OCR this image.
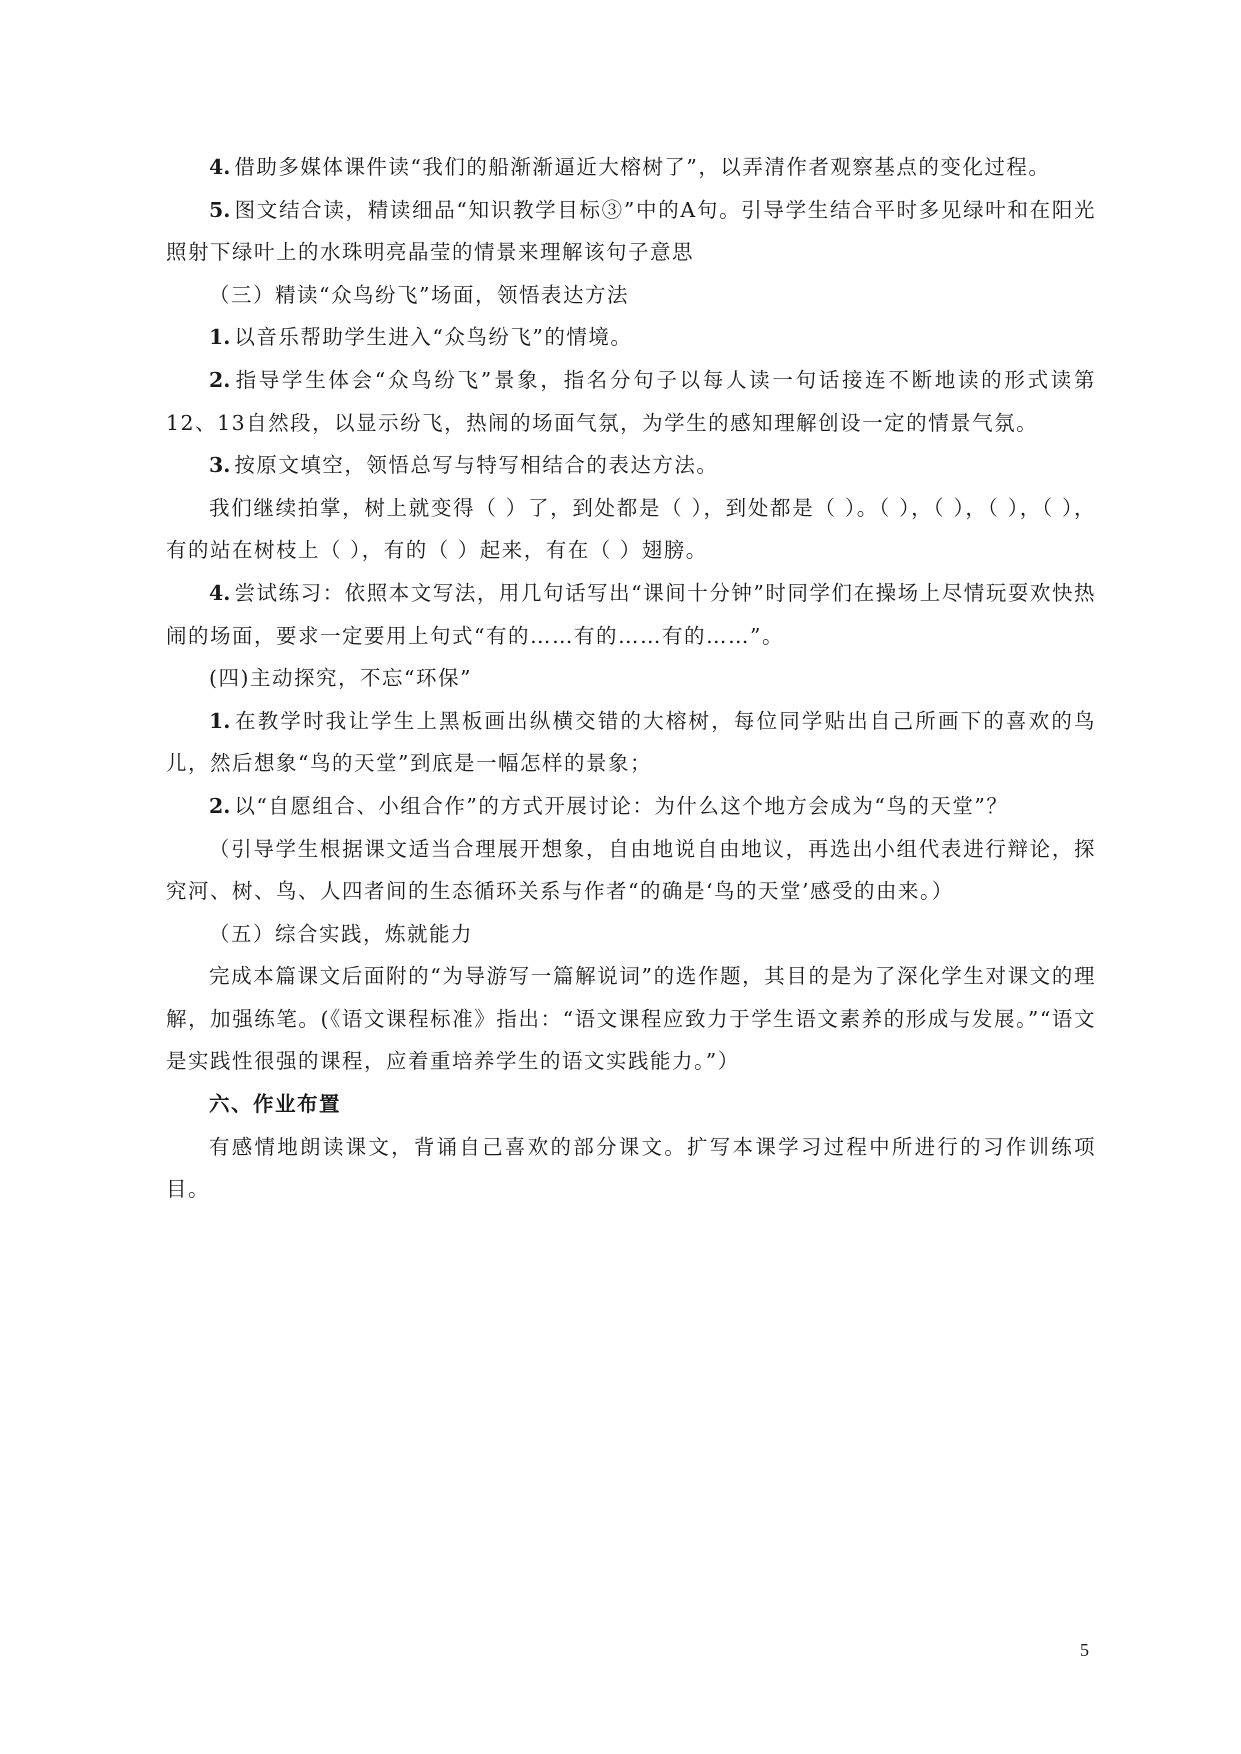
4. 借助多媒体课件读“我们的船渐渐逼近大榕树了”，以弄清作者观察基点的变化过程。

5. 图文结合读，精读细品“知识教学目标③”中的A句。引导学生结合平时多见绿叶和在阳光照射下绿叶上的水珠明亮晶莹的情景来理解该句子意思

（三）精读“众鸟纷飞”场面，领悟表达方法

1. 以音乐帮助学生进入“众鸟纷飞”的情境。

2. 指导学生体会“众鸟纷飞”景象，指名分句子以每人读一句话接连不断地读的形式读第12、13自然段，以显示纷飞，热闹的场面气氛，为学生的感知理解创设一定的情景气氛。

3. 按原文填空，领悟总写与特写相结合的表达方法。

我们继续拍掌，树上就变得（ ）了，到处都是（ ），到处都是（ ）。（ ），（ ），（ ），（ ），有的站在树枝上（ ），有的（ ）起来，有在（ ）翅膀。

4. 尝试练习：依照本文写法，用几句话写出“课间十分钟”时同学们在操场上尽情玩耍欢快热闹的场面，要求一定要用上句式“有的……有的……有的……”。

(四)主动探究，不忘“环保”

1. 在教学时我让学生上黑板画出纵横交错的大榕树，每位同学贴出自己所画下的喜欢的鸟儿，然后想象“鸟的天堂”到底是一幅怎样的景象；

2. 以“自愿组合、小组合作”的方式开展讨论：为什么这个地方会成为“鸟的天堂”？

（引导学生根据课文适当合理展开想象，自由地说自由地议，再选出小组代表进行辩论，探究河、树、鸟、人四者间的生态循环关系与作者“的确是‘鸟的天堂’感受的由来。）

（五）综合实践，炼就能力

完成本篇课文后面附的“为导游写一篇解说词”的选作题，其目的是为了深化学生对课文的理解，加强练笔。(《语文课程标准》指出：“语文课程应致力于学生语文素养的形成与发展。”“语文是实践性很强的课程，应着重培养学生的语文实践能力。”）

六、作业布置

有感情地朗读课文，背诵自己喜欢的部分课文。扩写本课学习过程中所进行的习作训练项目。

5
